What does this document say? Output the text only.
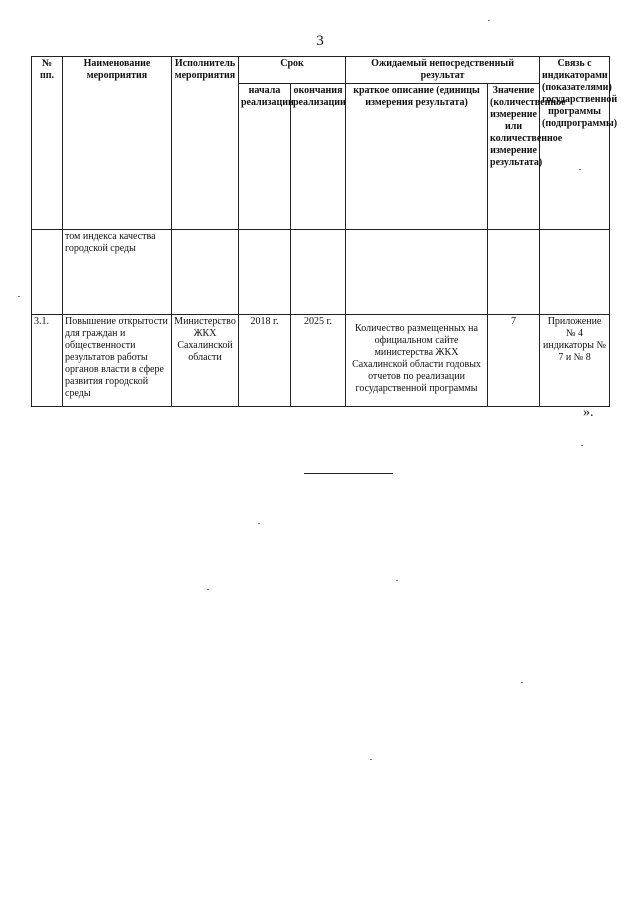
3
№ пп.	Наименование мероприятия	Исполнитель мероприятия	Срок		Ожидаемый непосредственный результат		Связь с индикаторами (показателями) государственной программы (подпрограммы)
			начала реализации	окончания реализации	краткое описание (единицы измерения результата)	Значение (количественное измерение или количественное измерение результата)	
	том индекса качества городской среды						
3.1.	Повышение открытости для граждан и общественности результатов работы органов власти в сфере развития городской среды	Министерство ЖКХ Сахалинской области	2018 г.	2025 г.	Количество размещенных на официальном сайте министерства ЖКХ Сахалинской области годовых отчетов по реализации государственной программы	7	Приложение № 4 индикаторы № 7 и № 8
».
